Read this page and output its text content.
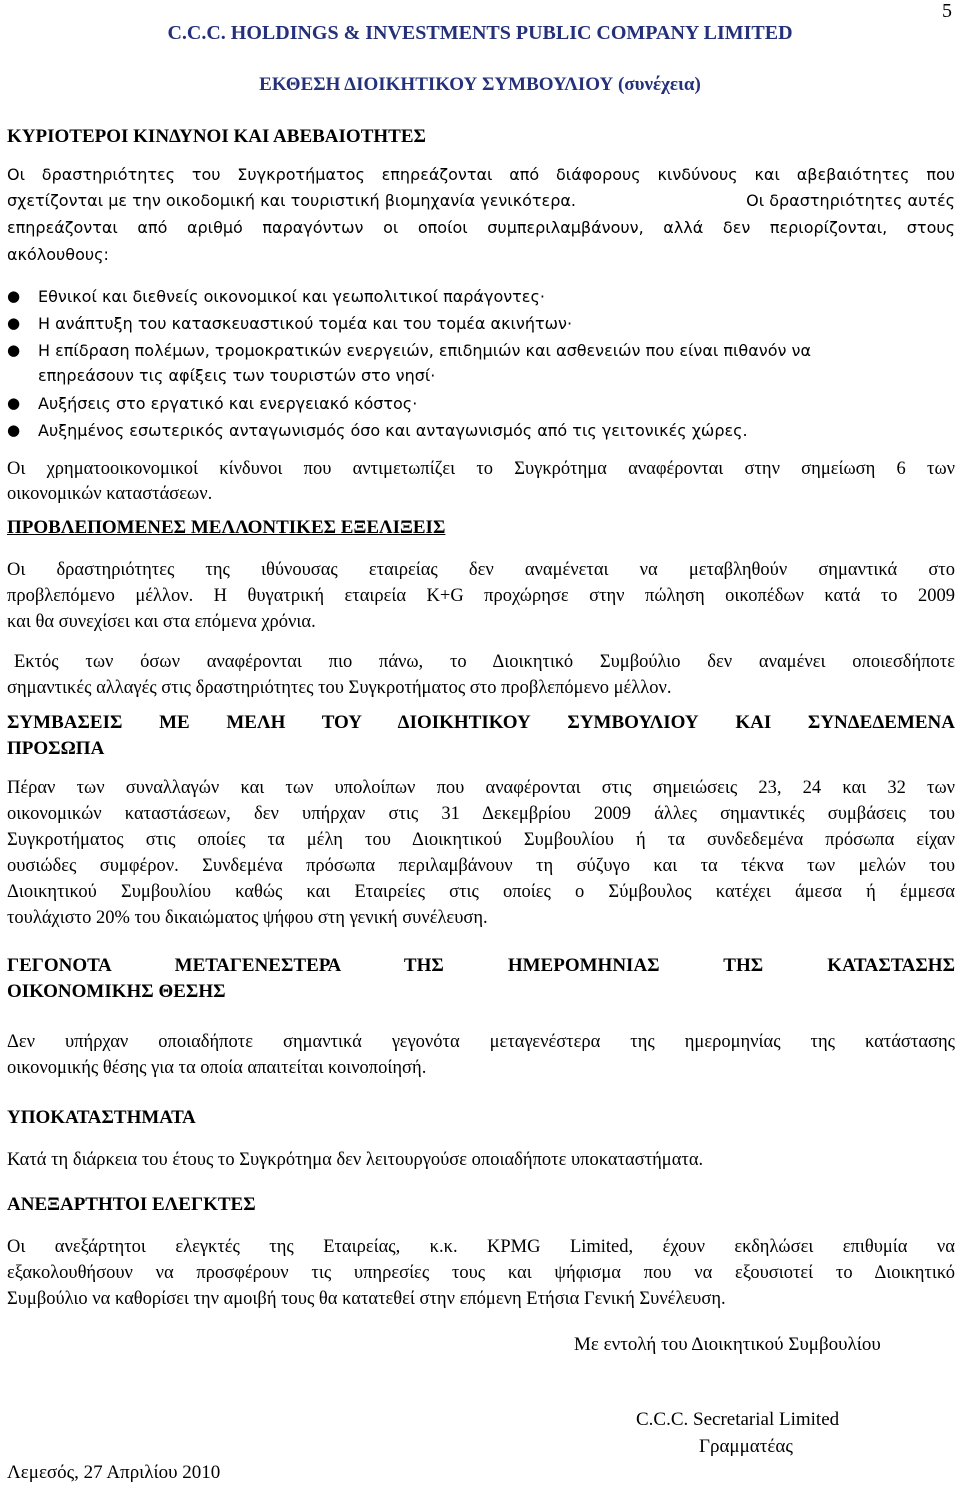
5
C.C.C. HOLDINGS & INVESTMENTS PUBLIC COMPANY LIMITED
ΕΚΘΕΣΗ ΔΙΟΙΚΗΤΙΚΟΥ ΣΥΜΒΟΥΛΙΟΥ (συνέχεια)
ΚΥΡΙΟΤΕΡΟΙ ΚΙΝΔΥΝΟΙ ΚΑΙ ΑΒΕΒΑΙΟΤΗΤΕΣ
Οι δραστηριότητες του Συγκροτήματος επηρεάζονται από διάφορους κινδύνους και αβεβαιότητες που
σχετίζονται με την οικοδομική και τουριστική βιομηχανία γενικότερα.	Οι δραστηριότητες αυτές
επηρεάζονται από αριθμό παραγόντων οι οποίοι συμπεριλαμβάνουν, αλλά δεν περιορίζονται, στους
ακόλουθους:
● Εθνικοί και διεθνείς οικονομικοί και γεωπολιτικοί παράγοντες·
● Η ανάπτυξη του κατασκευαστικού τομέα και του τομέα ακινήτων·
● Η επίδραση πολέμων, τρομοκρατικών ενεργειών, επιδημιών και ασθενειών που είναι πιθανόν να
επηρεάσουν τις αφίξεις των τουριστών στο νησί·
● Αυξήσεις στο εργατικό και ενεργειακό κόστος·
● Αυξημένος εσωτερικός ανταγωνισμός όσο και ανταγωνισμός από τις γειτονικές χώρες.
Οι χρηματοοικονομικοί κίνδυνοι που αντιμετωπίζει το Συγκρότημα αναφέρονται στην σημείωση 6 των
οικονομικών καταστάσεων.
ΠΡΟΒΛΕΠΟΜΕΝΕΣ ΜΕΛΛΟΝΤΙΚΕΣ ΕΞΕΛΙΞΕΙΣ
Οι δραστηριότητες της ιθύνουσας εταιρείας δεν αναμένεται να μεταβληθούν σημαντικά στο
προβλεπόμενο μέλλον. Η θυγατρική εταιρεία K+G προχώρησε στην πώληση οικοπέδων κατά το 2009
και θα συνεχίσει και στα επόμενα χρόνια.
Εκτός των όσων αναφέρονται πιο πάνω, το Διοικητικό Συμβούλιο δεν αναμένει οποιεσδήποτε
σημαντικές αλλαγές στις δραστηριότητες του Συγκροτήματος στο προβλεπόμενο μέλλον.
ΣΥΜΒΑΣΕΙΣ ΜΕ ΜΕΛΗ ΤΟΥ ΔΙΟΙΚΗΤΙΚΟΥ ΣΥΜΒΟΥΛΙΟΥ ΚΑΙ ΣΥΝΔΕΔΕΜΕΝΑ
ΠΡΟΣΩΠΑ
Πέραν των συναλλαγών και των υπολοίπων που αναφέρονται στις σημειώσεις 23, 24 και 32 των
οικονομικών καταστάσεων, δεν υπήρχαν στις 31 Δεκεμβρίου 2009 άλλες σημαντικές συμβάσεις του
Συγκροτήματος στις οποίες τα μέλη του Διοικητικού Συμβουλίου ή τα συνδεδεμένα πρόσωπα είχαν
ουσιώδες συμφέρον. Συνδεμένα πρόσωπα περιλαμβάνουν τη σύζυγο και τα τέκνα των μελών του
Διοικητικού Συμβουλίου καθώς και Εταιρείες στις οποίες ο Σύμβουλος κατέχει άμεσα ή έμμεσα
τουλάχιστο 20% του δικαιώματος ψήφου στη γενική συνέλευση.
ΓΕΓΟΝΟΤΑ ΜΕΤΑΓΕΝΕΣΤΕΡΑ ΤΗΣ ΗΜΕΡΟΜΗΝΙΑΣ ΤΗΣ ΚΑΤΑΣΤΑΣΗΣ
ΟΙΚΟΝΟΜΙΚΗΣ ΘΕΣΗΣ
Δεν υπήρχαν οποιαδήποτε σημαντικά γεγονότα μεταγενέστερα της ημερομηνίας της κατάστασης
οικονομικής θέσης για τα οποία απαιτείται κοινοποίησή.
ΥΠΟΚΑΤΑΣΤΗΜΑΤΑ
Κατά τη διάρκεια του έτους το Συγκρότημα δεν λειτουργούσε οποιαδήποτε υποκαταστήματα.
ΑΝΕΞΑΡΤΗΤΟΙ ΕΛΕΓΚΤΕΣ
Οι ανεξάρτητοι ελεγκτές της Εταιρείας, κ.κ. KPMG Limited, έχουν εκδηλώσει επιθυμία να
εξακολουθήσουν να προσφέρουν τις υπηρεσίες τους και ψήφισμα που να εξουσιοτεί το Διοικητικό
Συμβούλιο να καθορίσει την αμοιβή τους θα κατατεθεί στην επόμενη Ετήσια Γενική Συνέλευση.
Με εντολή του Διοικητικού Συμβουλίου
C.C.C. Secretarial Limited
Γραμματέας
Λεμεσός, 27 Απριλίου 2010
